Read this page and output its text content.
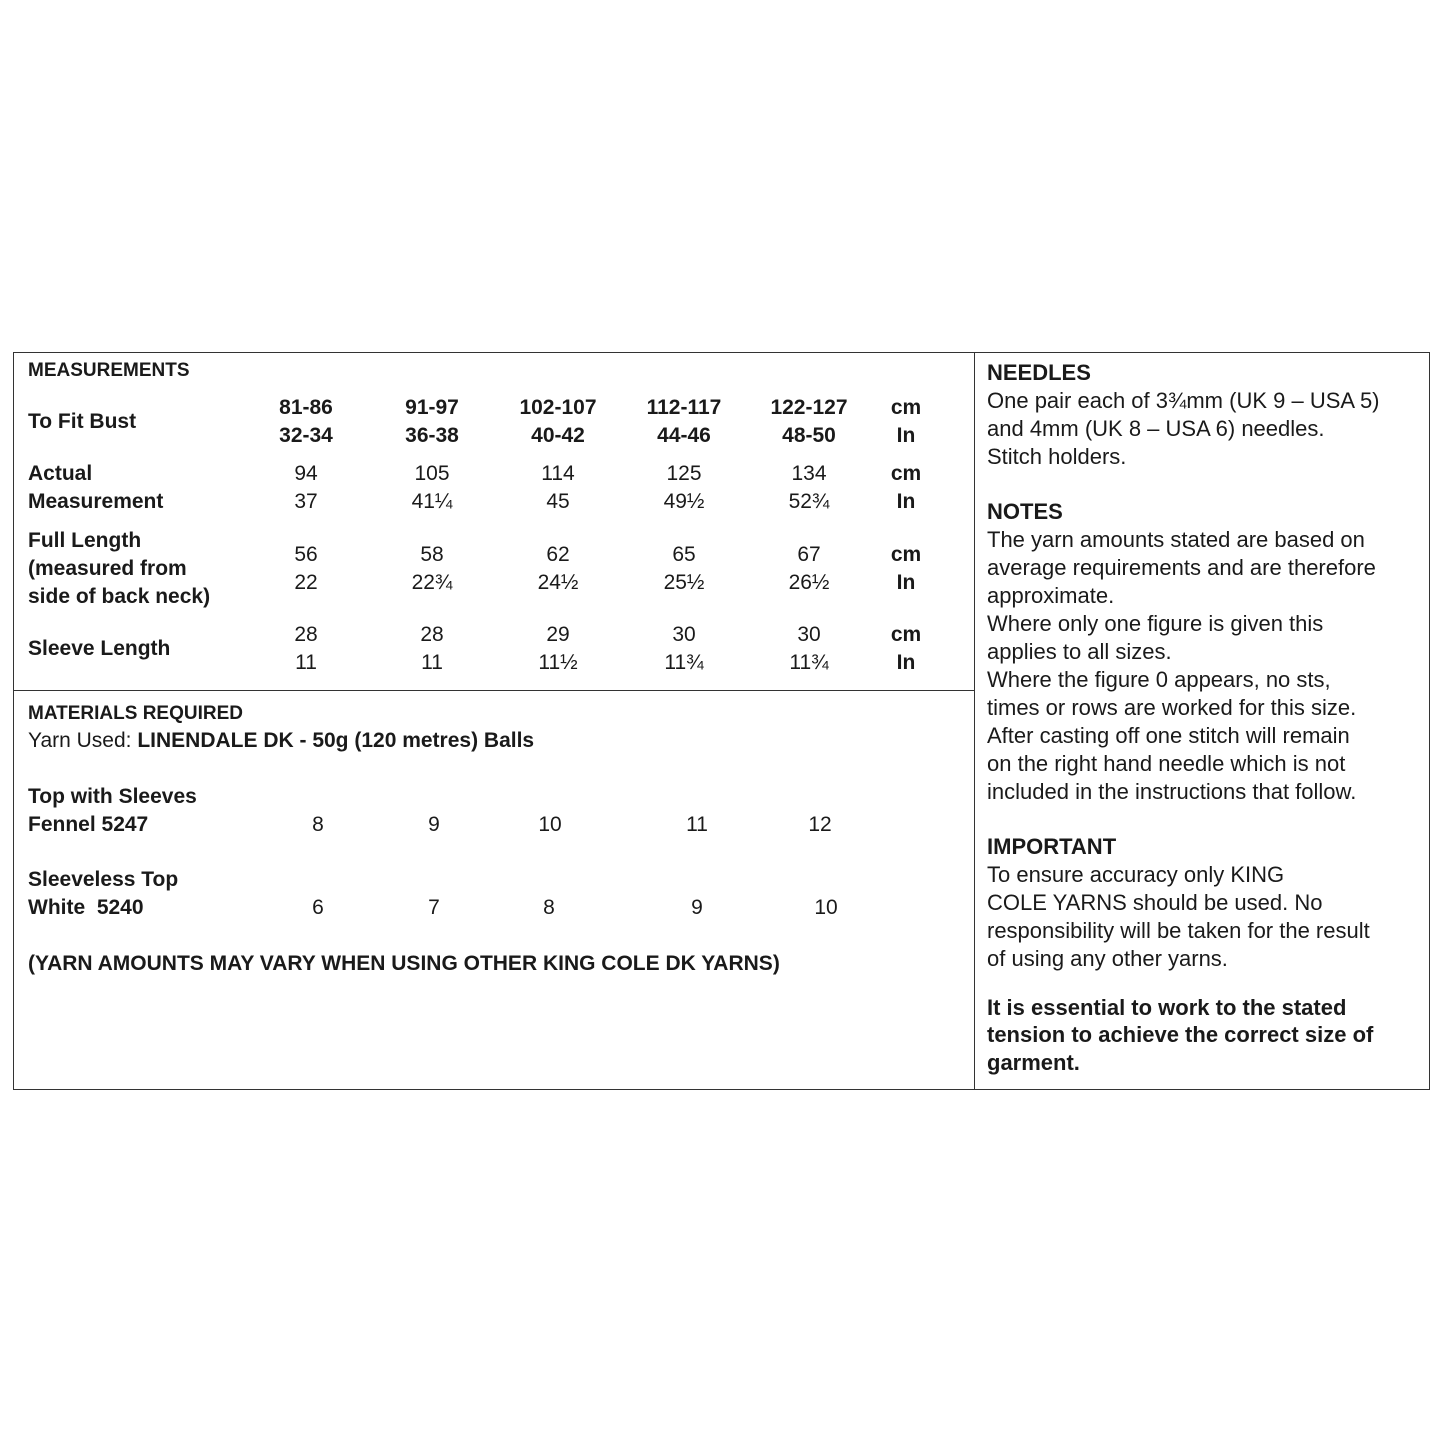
MEASUREMENTS
To Fit Bust
81-86	91-97	102-107	112-117	122-127	cm
32-34	36-38	40-42	44-46	48-50	In
Actual
Measurement
94	105	114	125	134	cm
37	41¼	45	49½	52¾	In
Full Length
(measured from
side of back neck)
56	58	62	65	67	cm
22	22¾	24½	25½	26½	In
Sleeve Length
28	28	29	30	30	cm
11	11	11½	11¾	11¾	In
MATERIALS REQUIRED
Yarn Used: LINENDALE DK - 50g (120 metres) Balls
Top with Sleeves
Fennel 5247	8	9	10	11	12
Sleeveless Top
White  5240	6	7	8	9	10
(YARN AMOUNTS MAY VARY WHEN USING OTHER KING COLE DK YARNS)
NEEDLES
One pair each of 3¾mm (UK 9 – USA 5)
and 4mm (UK 8 – USA 6) needles.
Stitch holders.
NOTES
The yarn amounts stated are based on
average requirements and are therefore
approximate.
Where only one figure is given this
applies to all sizes.
Where the figure 0 appears, no sts,
times or rows are worked for this size.
After casting off one stitch will remain
on the right hand needle which is not
included in the instructions that follow.
IMPORTANT
To ensure accuracy only KING
COLE YARNS should be used. No
responsibility will be taken for the result
of using any other yarns.
It is essential to work to the stated
tension to achieve the correct size of
garment.
